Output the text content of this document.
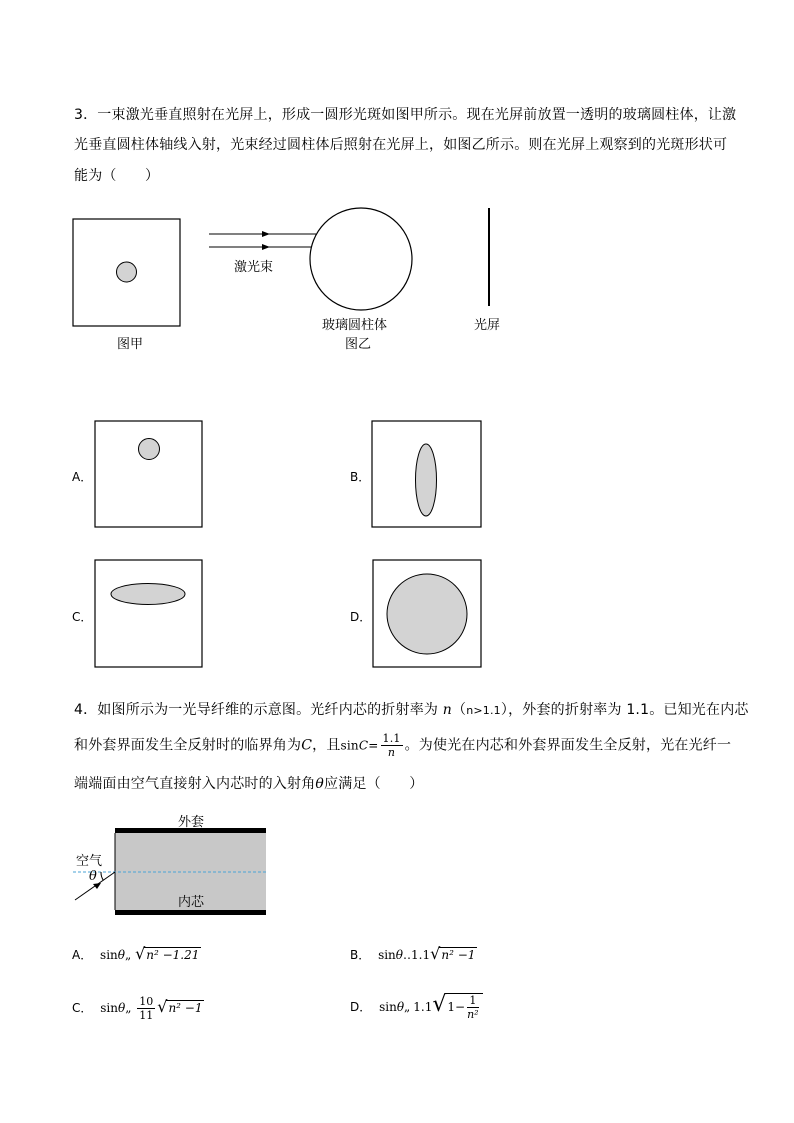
3．一束激光垂直照射在光屏上，形成一圆形光斑如图甲所示。现在光屏前放置一透明的玻璃圆柱体，让激
光垂直圆柱体轴线入射，光束经过圆柱体后照射在光屏上，如图乙所示。则在光屏上观察到的光斑形状可
能为（　　）
图甲
激光束
玻璃圆柱体
图乙
光屏
A．	B．
C．	D．
4．如图所示为一光导纤维的示意图。光纤内芯的折射率为 n（n>1.1），外套的折射率为 1.1。已知光在内芯
和外套界面发生全反射时的临界角为C，且$\sin C= \frac{1.1}{n}$ 。为使光在内芯和外套界面发生全反射，光在光纤一
端端面由空气直接射入内芯时的入射角θ应满足（　　）
外套
空气
内芯
θ
A． sinθ„ √n² −1.21	B． sinθ‥1.1√n² −1
C． sinθ„ $\frac{10}{11} √n^2 -1$	D． sinθ„ $1.1√1- \frac{1}{\text{n²}}$
